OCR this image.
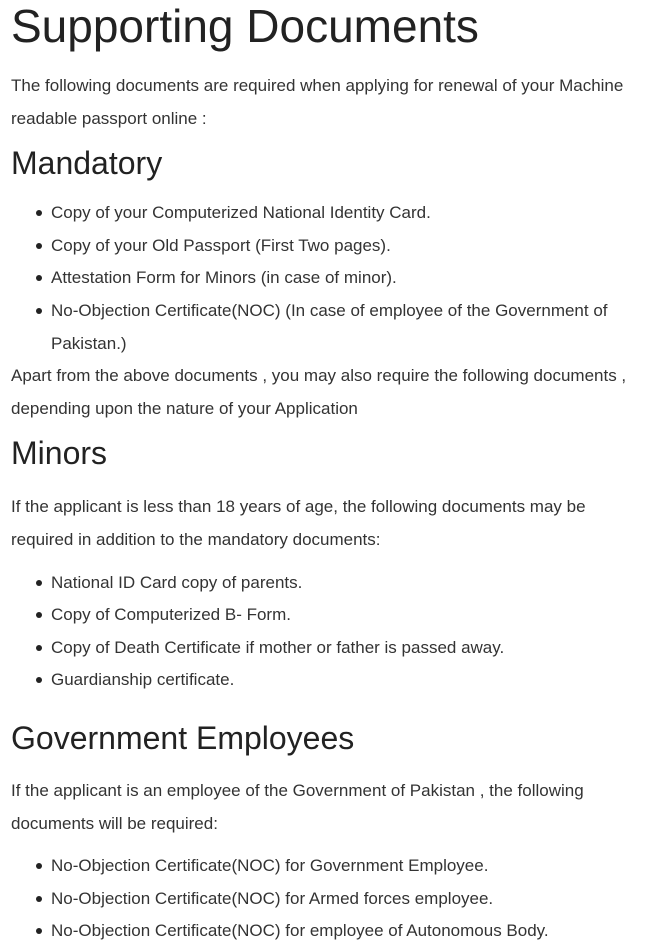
Supporting Documents

The following documents are required when applying for renewal of your Machine readable passport online :

Mandatory
Copy of your Computerized National Identity Card.
Copy of your Old Passport (First Two pages).
Attestation Form for Minors (in case of minor).
No-Objection Certificate(NOC) (In case of employee of the Government of Pakistan.)

Apart from the above documents , you may also require the following documents , depending upon the nature of your Application

Minors

If the applicant is less than 18 years of age, the following documents may be required in addition to the mandatory documents:

National ID Card copy of parents.
Copy of Computerized B- Form.
Copy of Death Certificate if mother or father is passed away.
Guardianship certificate.
Government Employees

If the applicant is an employee of the Government of Pakistan , the following documents will be required:

No-Objection Certificate(NOC) for Government Employee.
No-Objection Certificate(NOC) for Armed forces employee.
No-Objection Certificate(NOC) for employee of Autonomous Body.
